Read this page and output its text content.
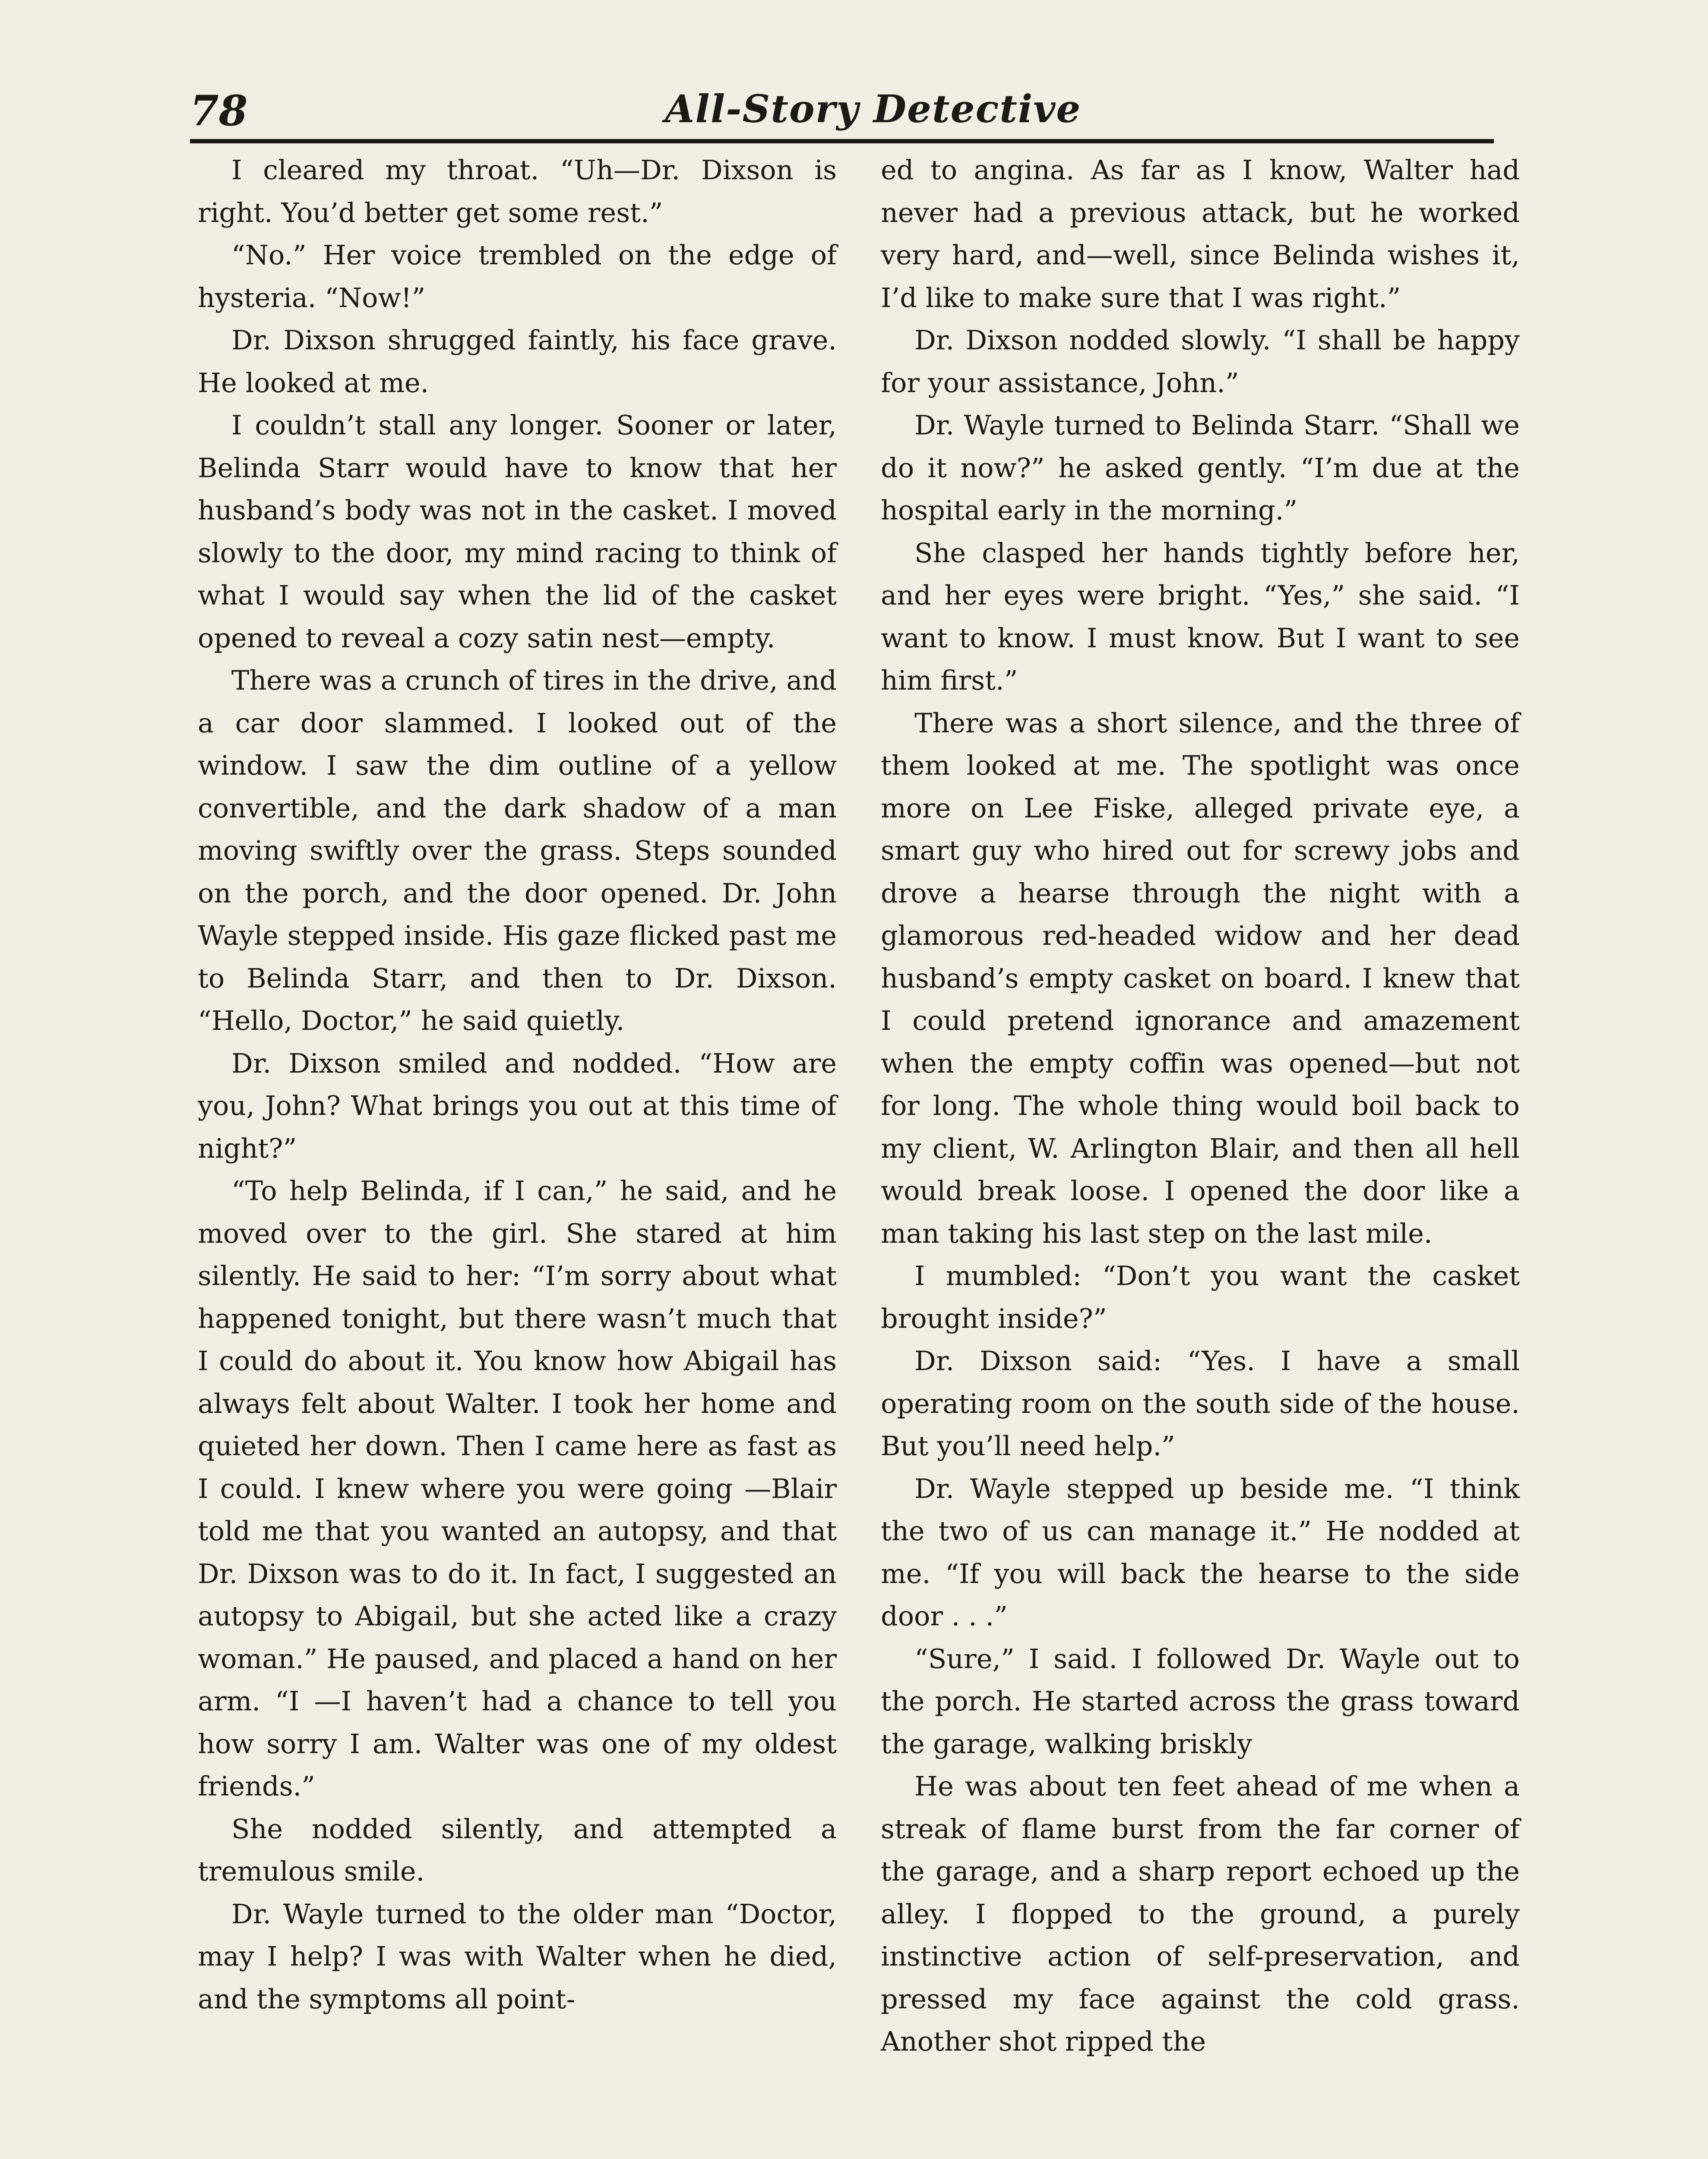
78	All-Story Detective

I cleared my throat. “Uh—Dr. Dixson is right. You’d better get some rest.”

“No.” Her voice trembled on the edge of hysteria. “Now!”

Dr. Dixson shrugged faintly, his face grave. He looked at me.

I couldn’t stall any longer. Sooner or later, Belinda Starr would have to know that her husband’s body was not in the casket. I moved slowly to the door, my mind racing to think of what I would say when the lid of the casket opened to reveal a cozy satin nest—empty.

There was a crunch of tires in the drive, and a car door slammed. I looked out of the window. I saw the dim outline of a yellow convertible, and the dark shadow of a man moving swiftly over the grass. Steps sounded on the porch, and the door opened. Dr. John Wayle stepped inside. His gaze flicked past me to Belinda Starr, and then to Dr. Dixson. “Hello, Doctor,” he said quietly.

Dr. Dixson smiled and nodded. “How are you, John? What brings you out at this time of night?”

“To help Belinda, if I can,” he said, and he moved over to the girl. She stared at him silently. He said to her: “I’m sorry about what happened tonight, but there wasn’t much that I could do about it. You know how Abigail has always felt about Walter. I took her home and quieted her down. Then I came here as fast as I could. I knew where you were going —Blair told me that you wanted an autopsy, and that Dr. Dixson was to do it. In fact, I suggested an autopsy to Abigail, but she acted like a crazy woman.” He paused, and placed a hand on her arm. “I —I haven’t had a chance to tell you how sorry I am. Walter was one of my oldest friends.”

She nodded silently, and attempted a tremulous smile.

Dr. Wayle turned to the older man “Doctor, may I help? I was with Walter when he died, and the symptoms all point-

ed to angina. As far as I know, Walter had never had a previous attack, but he worked very hard, and—well, since Belinda wishes it, I’d like to make sure that I was right.”

Dr. Dixson nodded slowly. “I shall be happy for your assistance, John.”

Dr. Wayle turned to Belinda Starr. “Shall we do it now?” he asked gently. “I’m due at the hospital early in the morning.”

She clasped her hands tightly before her, and her eyes were bright. “Yes,” she said. “I want to know. I must know. But I want to see him first.”

There was a short silence, and the three of them looked at me. The spotlight was once more on Lee Fiske, alleged private eye, a smart guy who hired out for screwy jobs and drove a hearse through the night with a glamorous red-headed widow and her dead husband’s empty casket on board. I knew that I could pretend ignorance and amazement when the empty coffin was opened—but not for long. The whole thing would boil back to my client, W. Arlington Blair, and then all hell would break loose. I opened the door like a man taking his last step on the last mile.

I mumbled: “Don’t you want the casket brought inside?”

Dr. Dixson said: “Yes. I have a small operating room on the south side of the house. But you’ll need help.”

Dr. Wayle stepped up beside me. “I think the two of us can manage it.” He nodded at me. “If you will back the hearse to the side door . . .”

“Sure,” I said. I followed Dr. Wayle out to the porch. He started across the grass toward the garage, walking briskly

He was about ten feet ahead of me when a streak of flame burst from the far corner of the garage, and a sharp report echoed up the alley. I flopped to the ground, a purely instinctive action of self-preservation, and pressed my face against the cold grass. Another shot ripped the
